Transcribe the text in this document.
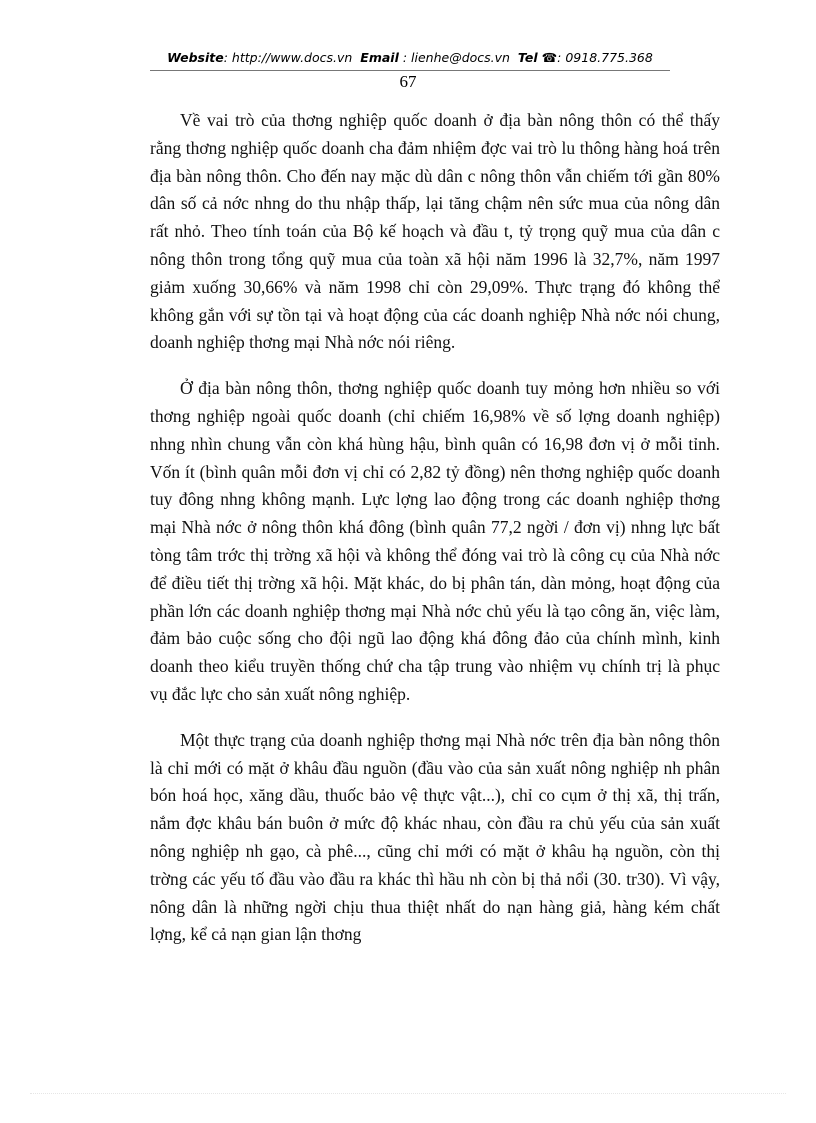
Website: http://www.docs.vn Email : lienhe@docs.vn Tel ☎: 0918.775.368
67

Về vai trò của thơng nghiệp quốc doanh ở địa bàn nông thôn có thể thấy rằng thơng nghiệp quốc doanh cha đảm nhiệm đợc vai trò lu thông hàng hoá trên địa bàn nông thôn. Cho đến nay mặc dù dân c nông thôn vẫn chiếm tới gần 80% dân số cả nớc nhng do thu nhập thấp, lại tăng chậm nên sức mua của nông dân rất nhỏ. Theo tính toán của Bộ kế hoạch và đầu t, tỷ trọng quỹ mua của dân c nông thôn trong tổng quỹ mua của toàn xã hội năm 1996 là 32,7%, năm 1997 giảm xuống 30,66% và năm 1998 chỉ còn 29,09%. Thực trạng đó không thể không gắn với sự tồn tại và hoạt động của các doanh nghiệp Nhà nớc nói chung, doanh nghiệp thơng mại Nhà nớc nói riêng.

Ở địa bàn nông thôn, thơng nghiệp quốc doanh tuy mỏng hơn nhiều so với thơng nghiệp ngoài quốc doanh (chỉ chiếm 16,98% về số lợng doanh nghiệp) nhng nhìn chung vẫn còn khá hùng hậu, bình quân có 16,98 đơn vị ở mỗi tỉnh. Vốn ít (bình quân mỗi đơn vị chỉ có 2,82 tỷ đồng) nên thơng nghiệp quốc doanh tuy đông nhng không mạnh. Lực lợng lao động trong các doanh nghiệp thơng mại Nhà nớc ở nông thôn khá đông (bình quân 77,2 ngời / đơn vị) nhng lực bất tòng tâm trớc thị trờng xã hội và không thể đóng vai trò là công cụ của Nhà nớc để điều tiết thị trờng xã hội. Mặt khác, do bị phân tán, dàn mỏng, hoạt động của phần lớn các doanh nghiệp thơng mại Nhà nớc chủ yếu là tạo công ăn, việc làm, đảm bảo cuộc sống cho đội ngũ lao động khá đông đảo của chính mình, kinh doanh theo kiểu truyền thống chứ cha tập trung vào nhiệm vụ chính trị là phục vụ đắc lực cho sản xuất nông nghiệp.

Một thực trạng của doanh nghiệp thơng mại Nhà nớc trên địa bàn nông thôn là chỉ mới có mặt ở khâu đầu nguồn (đầu vào của sản xuất nông nghiệp nh phân bón hoá học, xăng dầu, thuốc bảo vệ thực vật...), chỉ co cụm ở thị xã, thị trấn, nắm đợc khâu bán buôn ở mức độ khác nhau, còn đầu ra chủ yếu của sản xuất nông nghiệp nh gạo, cà phê..., cũng chỉ mới có mặt ở khâu hạ nguồn, còn thị trờng các yếu tố đầu vào đầu ra khác thì hầu nh còn bị thả nổi (30. tr30). Vì vậy, nông dân là những ngời chịu thua thiệt nhất do nạn hàng giả, hàng kém chất lợng, kể cả nạn gian lận thơng
